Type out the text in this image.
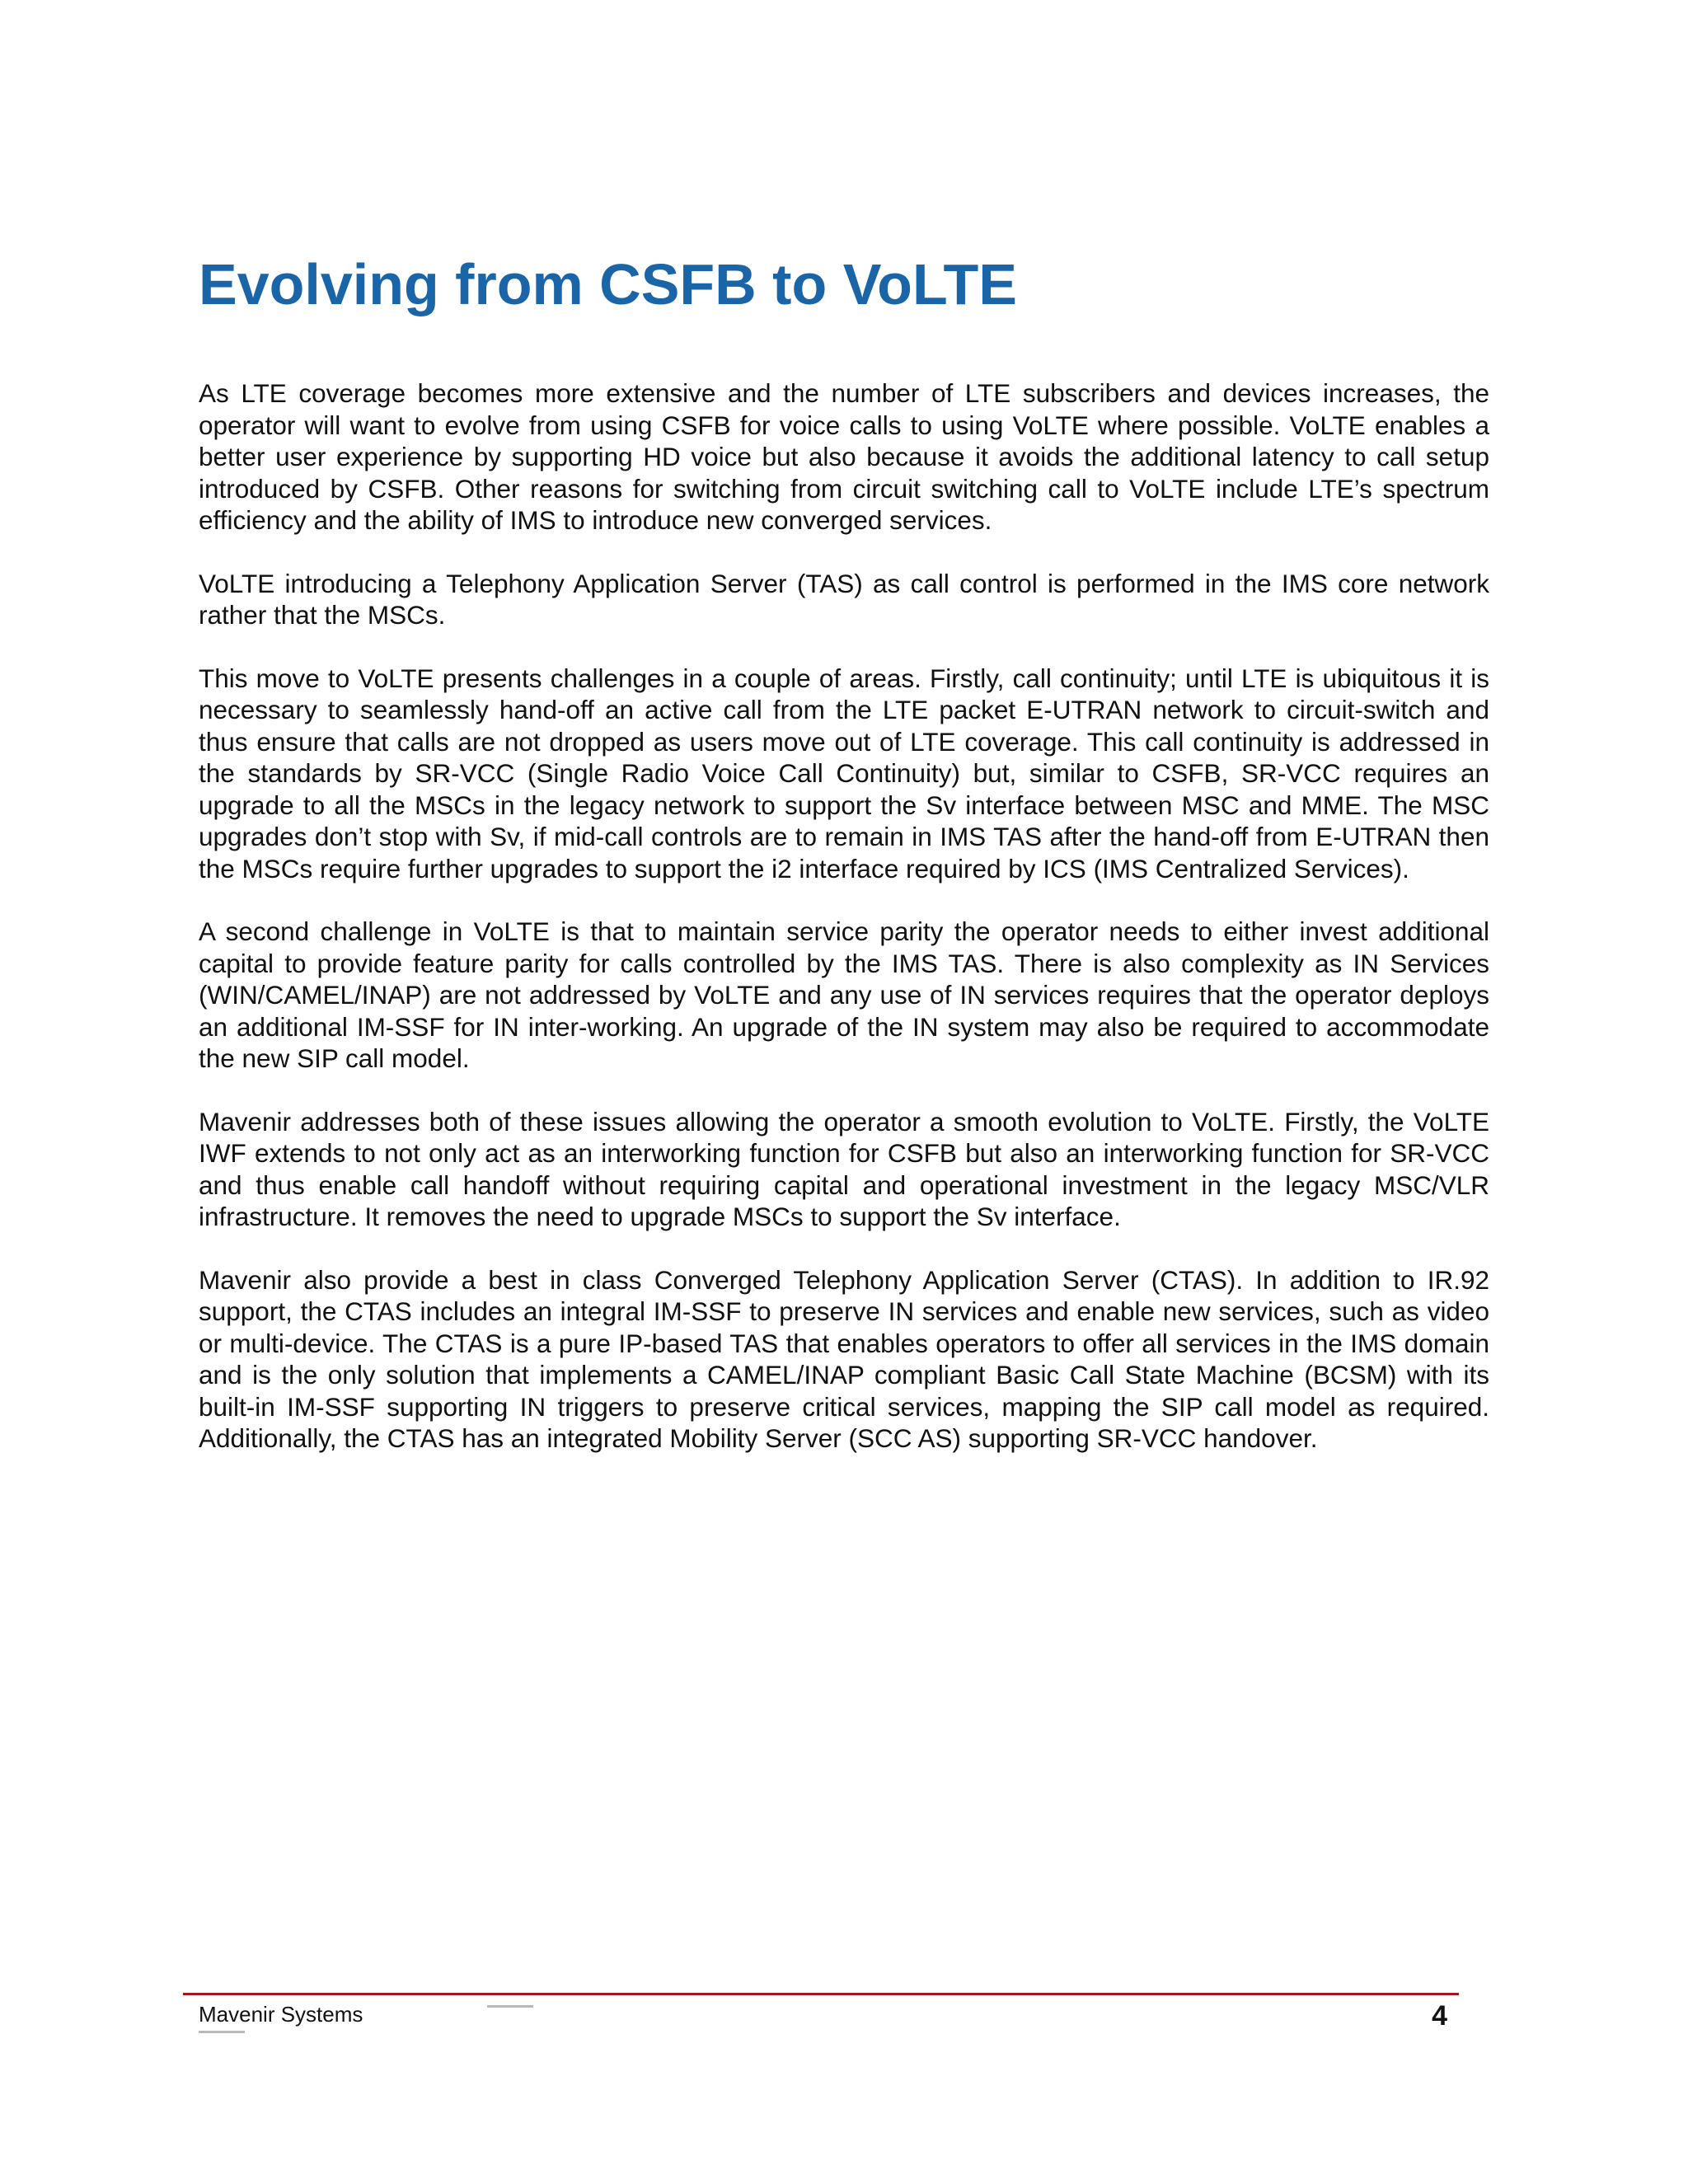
Evolving from CSFB to VoLTE

As LTE coverage becomes more extensive and the number of LTE subscribers and devices increases, the operator will want to evolve from using CSFB for voice calls to using VoLTE where possible. VoLTE enables a better user experience by supporting HD voice but also because it avoids the additional latency to call setup introduced by CSFB. Other reasons for switching from circuit switching call to VoLTE include LTE’s spectrum efficiency and the ability of IMS to introduce new converged services.

VoLTE introducing a Telephony Application Server (TAS) as call control is performed in the IMS core network rather that the MSCs.

This move to VoLTE presents challenges in a couple of areas. Firstly, call continuity; until LTE is ubiquitous it is necessary to seamlessly hand-off an active call from the LTE packet E-UTRAN network to circuit-switch and thus ensure that calls are not dropped as users move out of LTE coverage. This call continuity is addressed in the standards by SR-VCC (Single Radio Voice Call Continuity) but, similar to CSFB, SR-VCC requires an upgrade to all the MSCs in the legacy network to support the Sv interface between MSC and MME. The MSC upgrades don’t stop with Sv, if mid-call controls are to remain in IMS TAS after the hand-off from E-UTRAN then the MSCs require further upgrades to support the i2 interface required by ICS (IMS Centralized Services).

A second challenge in VoLTE is that to maintain service parity the operator needs to either invest additional capital to provide feature parity for calls controlled by the IMS TAS. There is also complexity as IN Services (WIN/CAMEL/INAP) are not addressed by VoLTE and any use of IN services requires that the operator deploys an additional IM-SSF for IN inter-working. An upgrade of the IN system may also be required to accommodate the new SIP call model.

Mavenir addresses both of these issues allowing the operator a smooth evolution to VoLTE. Firstly, the VoLTE IWF extends to not only act as an interworking function for CSFB but also an interworking function for SR-VCC and thus enable call handoff without requiring capital and operational investment in the legacy MSC/VLR infrastructure. It removes the need to upgrade MSCs to support the Sv interface.

Mavenir also provide a best in class Converged Telephony Application Server (CTAS). In addition to IR.92 support, the CTAS includes an integral IM-SSF to preserve IN services and enable new services, such as video or multi-device. The CTAS is a pure IP-based TAS that enables operators to offer all services in the IMS domain and is the only solution that implements a CAMEL/INAP compliant Basic Call State Machine (BCSM) with its built-in IM-SSF supporting IN triggers to preserve critical services, mapping the SIP call model as required. Additionally, the CTAS has an integrated Mobility Server (SCC AS) supporting SR-VCC handover.

Mavenir Systems	4
